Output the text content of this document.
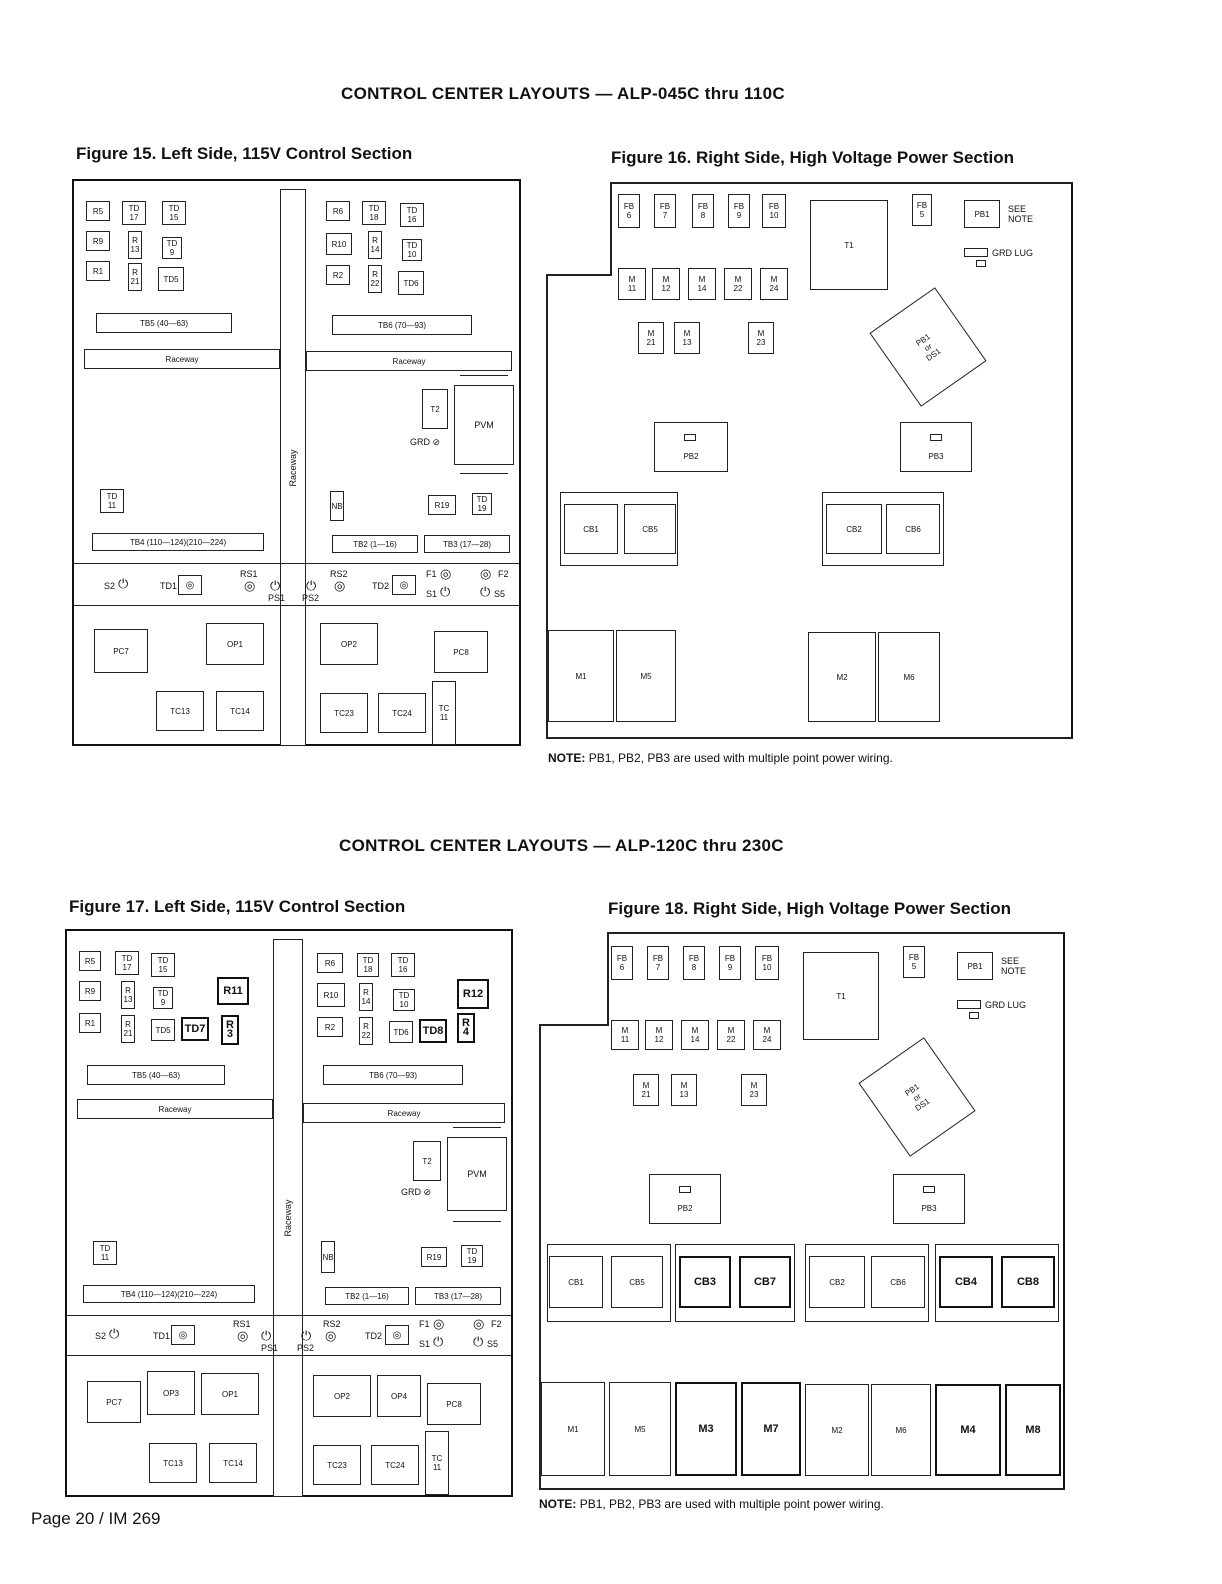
CONTROL CENTER LAYOUTS — ALP-045C thru 110C
Figure 15. Left Side, 115V Control Section	Figure 16. Right Side, High Voltage Power Section
CONTROL CENTER LAYOUTS — ALP-120C thru 230C
Figure 17. Left Side, 115V Control Section	Figure 18. Right Side, High Voltage Power Section
Raceway
R5	TD
17
TD
15
R9	R
13
TD
9
R1	R
21	TD5
R6	TD
18
TD
16
R10	R
14	TD
10
R2	R
22	TD6
TB5 (40—63)	TB6 (70—93)
Raceway	Raceway
T2
PVM
GRD ⊘
TD
11	NB	R19
TD
19
TB4 (110—124)(210—224)	TB2 (1—16)	TB3 (17—28)
S2 ⏻	TD1 ◎
RS1
◎ ⏻
PS1 PS2
⏻
RS2
◎	TD2	◎
F1 ◎
S1 ⏻
◎ F2
⏻ S5
PC7
OP1	OP2
PC8
TC13	TC14	TC23	TC24	TC
11
FB
6
FB
7
FB
8
FB
9
FB
10
T1
FB
5	PB1	SEE
NOTE
GRD LUG
M
11
M
12
M
14
M
22
M
24
M
21
M
13
M
23	PB1
or
DS1
PB2	PB3
CB1	CB5	CB2	CB6
M1	M5	M2	M6
NOTE: PB1, PB2, PB3 are used with multiple point power wiring.
Raceway
R5	TD
17
TD
15
R9	R
13
TD
9
R11
R1	R
21	TD5	TD7	R
3
R6	TD
18
TD
16
R10	R
14
TD
10
R12
R2	R
22	TD6	TD8
R
4
TB5 (40—63)	TB6 (70—93)
Raceway	Raceway
T2
PVM
GRD ⊘
TD
11	NB	R19
TD
19
TB4 (110—124)(210—224)	TB2 (1—16)	TB3 (17—28)
S2 ⏻	TD1 ◎
RS1
◎ ⏻
PS1 PS2
⏻
RS2
◎	TD2	◎
F1 ◎
S1 ⏻
◎ F2
⏻ S5
PC7
OP3	OP1	OP2	OP4
PC8
TC13	TC14	TC23	TC24
TC
11
FB
6
FB
7
FB
8
FB
9
FB
10
T1
FB
5	PB1	SEE
NOTE
GRD LUG
M
11
M
12
M
14
M
22
M
24
M
21
M
13
M
23	PB1
or
DS1
PB2	PB3
CB1	CB5	CB3	CB7	CB2	CB6	CB4	CB8
M1	M5	M3	M7	M2	M6	M4	M8
NOTE: PB1, PB2, PB3 are used with multiple point power wiring.
Page 20 / IM 269
